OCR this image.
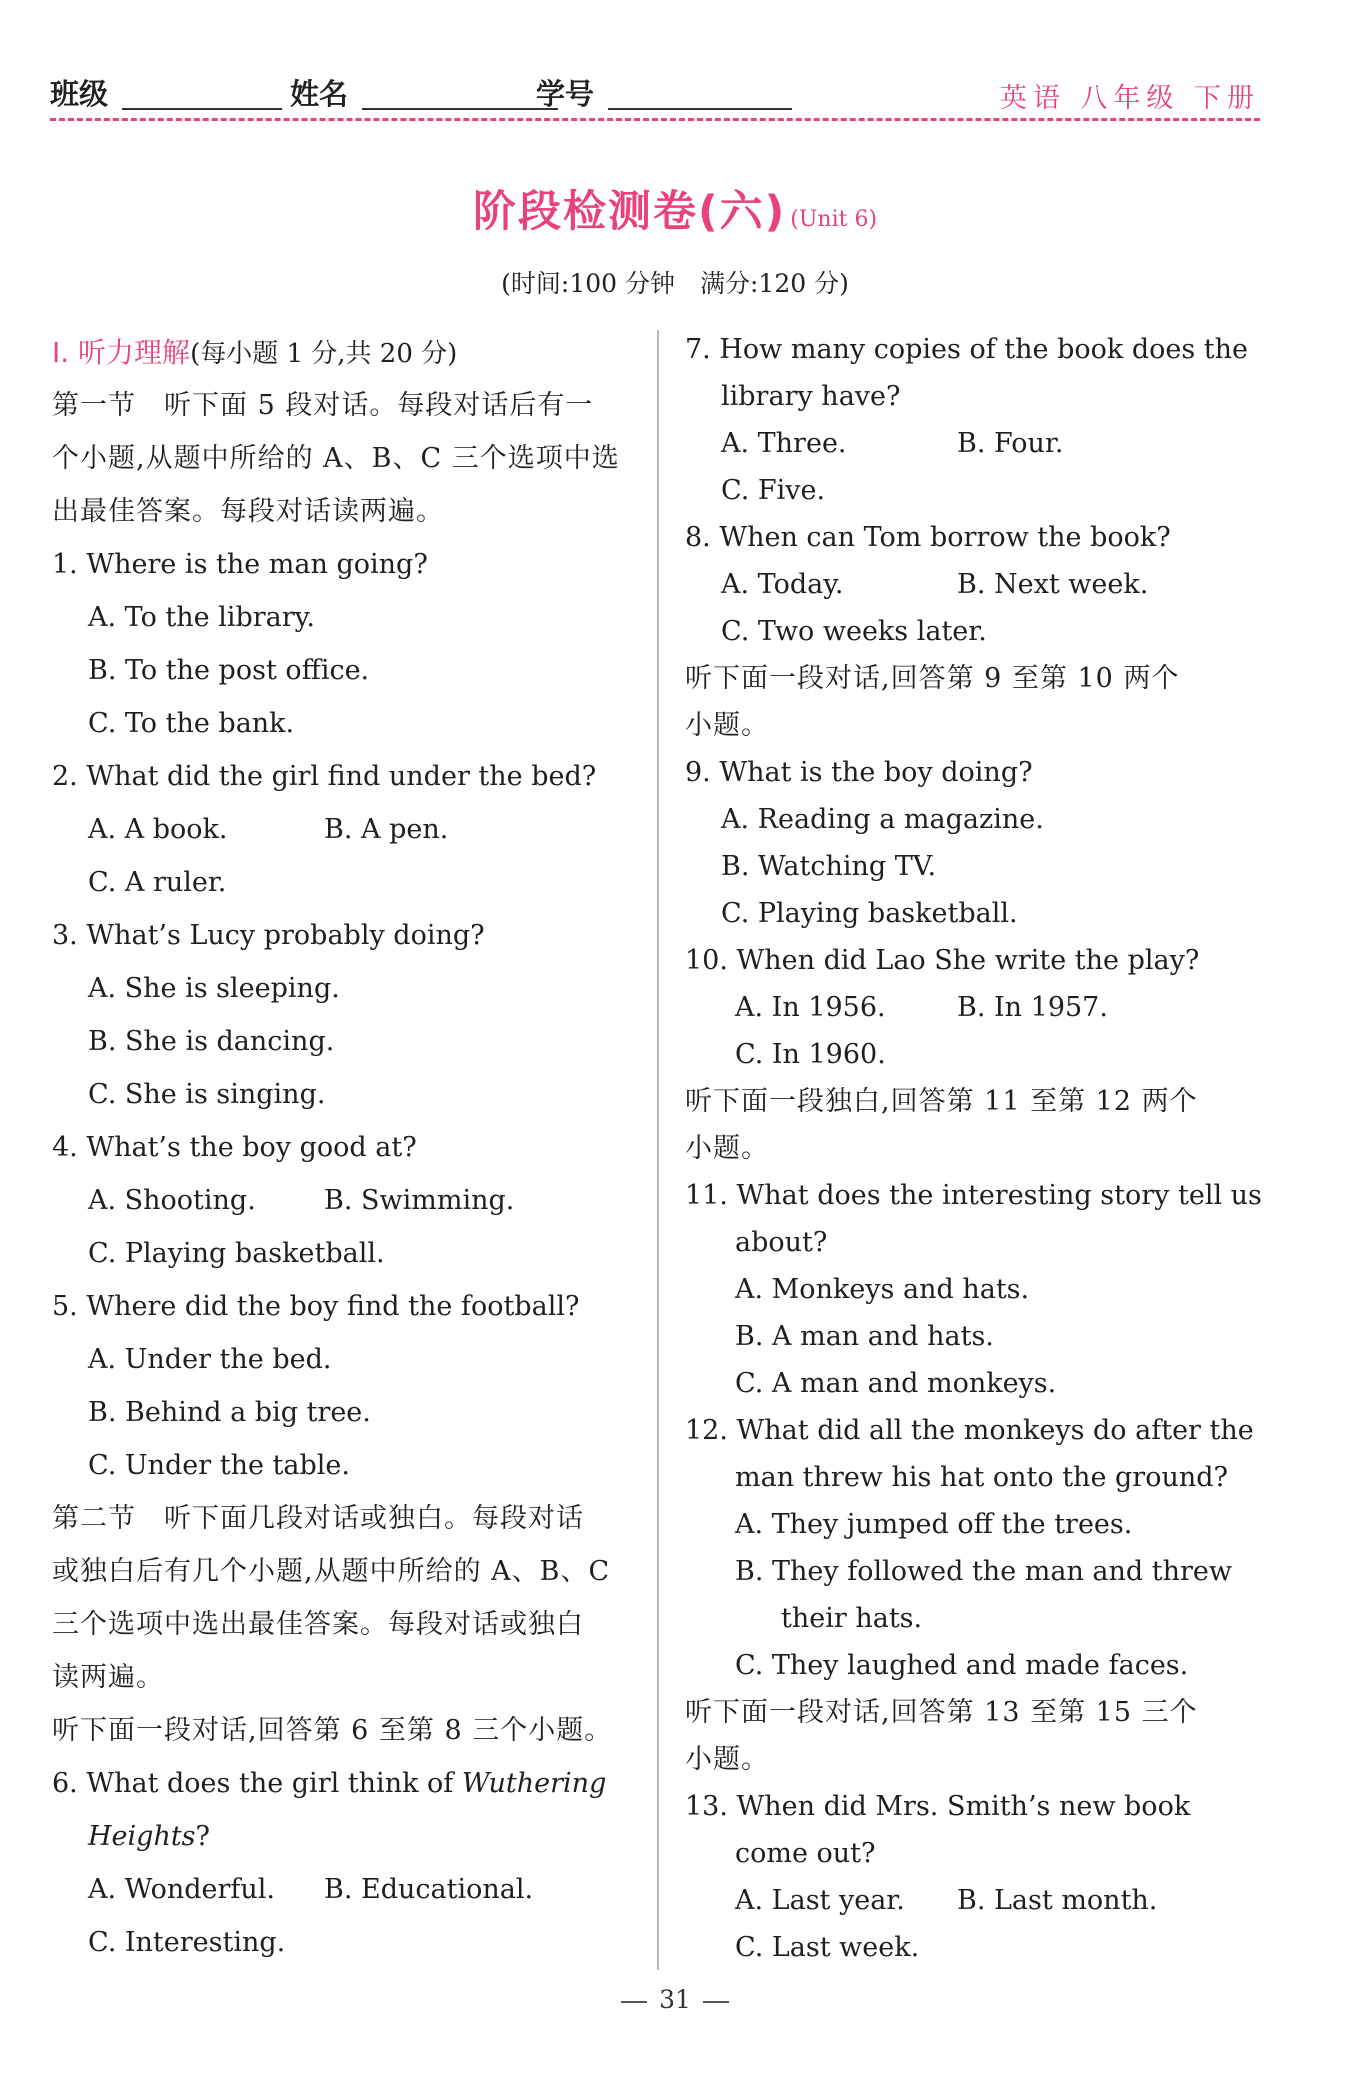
班级	姓名	学号	英语 八年级 下册
阶段检测卷(六) (Unit 6)
(时间:100 分钟　满分:120 分)
Ⅰ. 听力理解(每小题 1 分,共 20 分)
第一节　听下面 5 段对话。每段对话后有一
个小题,从题中所给的 A、B、C 三个选项中选
出最佳答案。每段对话读两遍。
1. Where is the man going?
A. To the library.
B. To the post office.
C. To the bank.
2. What did the girl find under the bed?
A. A book.	B. A pen.
C. A ruler.
3. What’s Lucy probably doing?
A. She is sleeping.
B. She is dancing.
C. She is singing.
4. What’s the boy good at?
A. Shooting.	B. Swimming.
C. Playing basketball.
5. Where did the boy find the football?
A. Under the bed.
B. Behind a big tree.
C. Under the table.
第二节　听下面几段对话或独白。每段对话
或独白后有几个小题,从题中所给的 A、B、C
三个选项中选出最佳答案。每段对话或独白
读两遍。
听下面一段对话,回答第 6 至第 8 三个小题。
6. What does the girl think of Wuthering
Heights?
A. Wonderful. B. Educational.
C. Interesting.
7. How many copies of the book does the
library have?
A. Three.	B. Four.
C. Five.
8. When can Tom borrow the book?
A. Today.	B. Next week.
C. Two weeks later.
听下面一段对话,回答第 9 至第 10 两个
小题。
9. What is the boy doing?
A. Reading a magazine.
B. Watching TV.
C. Playing basketball.
10. When did Lao She write the play?
A. In 1956.	B. In 1957.
C. In 1960.
听下面一段独白,回答第 11 至第 12 两个
小题。
11. What does the interesting story tell us
about?
A. Monkeys and hats.
B. A man and hats.
C. A man and monkeys.
12. What did all the monkeys do after the
man threw his hat onto the ground?
A. They jumped off the trees.
B. They followed the man and threw
their hats.
C. They laughed and made faces.
听下面一段对话,回答第 13 至第 15 三个
小题。
13. When did Mrs. Smith’s new book
come out?
A. Last year. B. Last month.
C. Last week.
31
